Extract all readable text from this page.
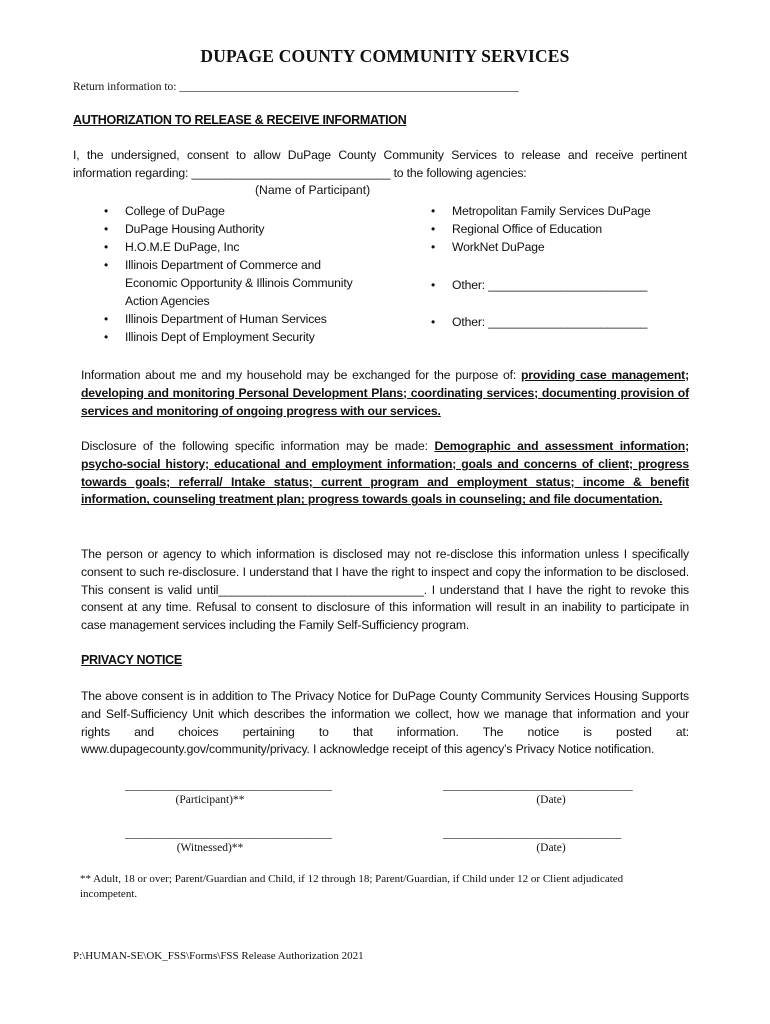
DUPAGE COUNTY COMMUNITY SERVICES
Return information to: ___________________________________________________________
AUTHORIZATION TO RELEASE & RECEIVE INFORMATION
I, the undersigned, consent to allow DuPage County Community Services to release and receive pertinent information regarding: ______________________________ to the following agencies:
(Name of Participant)
• College of DuPage
• DuPage Housing Authority
• H.O.M.E DuPage, Inc
• Illinois Department of Commerce and Economic Opportunity & Illinois Community Action Agencies
• Illinois Department of Human Services
• Illinois Dept of Employment Security
• Metropolitan Family Services DuPage
• Regional Office of Education
• WorkNet DuPage
• Other: ________________________
• Other: ________________________
Information about me and my household may be exchanged for the purpose of: providing case management; developing and monitoring Personal Development Plans; coordinating services; documenting provision of services and monitoring of ongoing progress with our services.
Disclosure of the following specific information may be made: Demographic and assessment information; psycho-social history; educational and employment information; goals and concerns of client; progress towards goals; referral/ Intake status; current program and employment status; income & benefit information, counseling treatment plan; progress towards goals in counseling; and file documentation.
The person or agency to which information is disclosed may not re-disclose this information unless I specifically consent to such re-disclosure. I understand that I have the right to inspect and copy the information to be disclosed. This consent is valid until_______________________________. I understand that I have the right to revoke this consent at any time. Refusal to consent to disclosure of this information will result in an inability to participate in case management services including the Family Self-Sufficiency program.
PRIVACY NOTICE
The above consent is in addition to The Privacy Notice for DuPage County Community Services Housing Supports and Self-Sufficiency Unit which describes the information we collect, how we manage that information and your rights and choices pertaining to that information. The notice is posted at: www.dupagecounty.gov/community/privacy. I acknowledge receipt of this agency’s Privacy Notice notification.
____________________________________
(Participant)**
_________________________________
(Date)
____________________________________
(Witnessed)**
_______________________________
(Date)
** Adult, 18 or over; Parent/Guardian and Child, if 12 through 18; Parent/Guardian, if Child under 12 or Client adjudicated incompetent.
P:\HUMAN-SE\OK_FSS\Forms\FSS Release Authorization 2021
